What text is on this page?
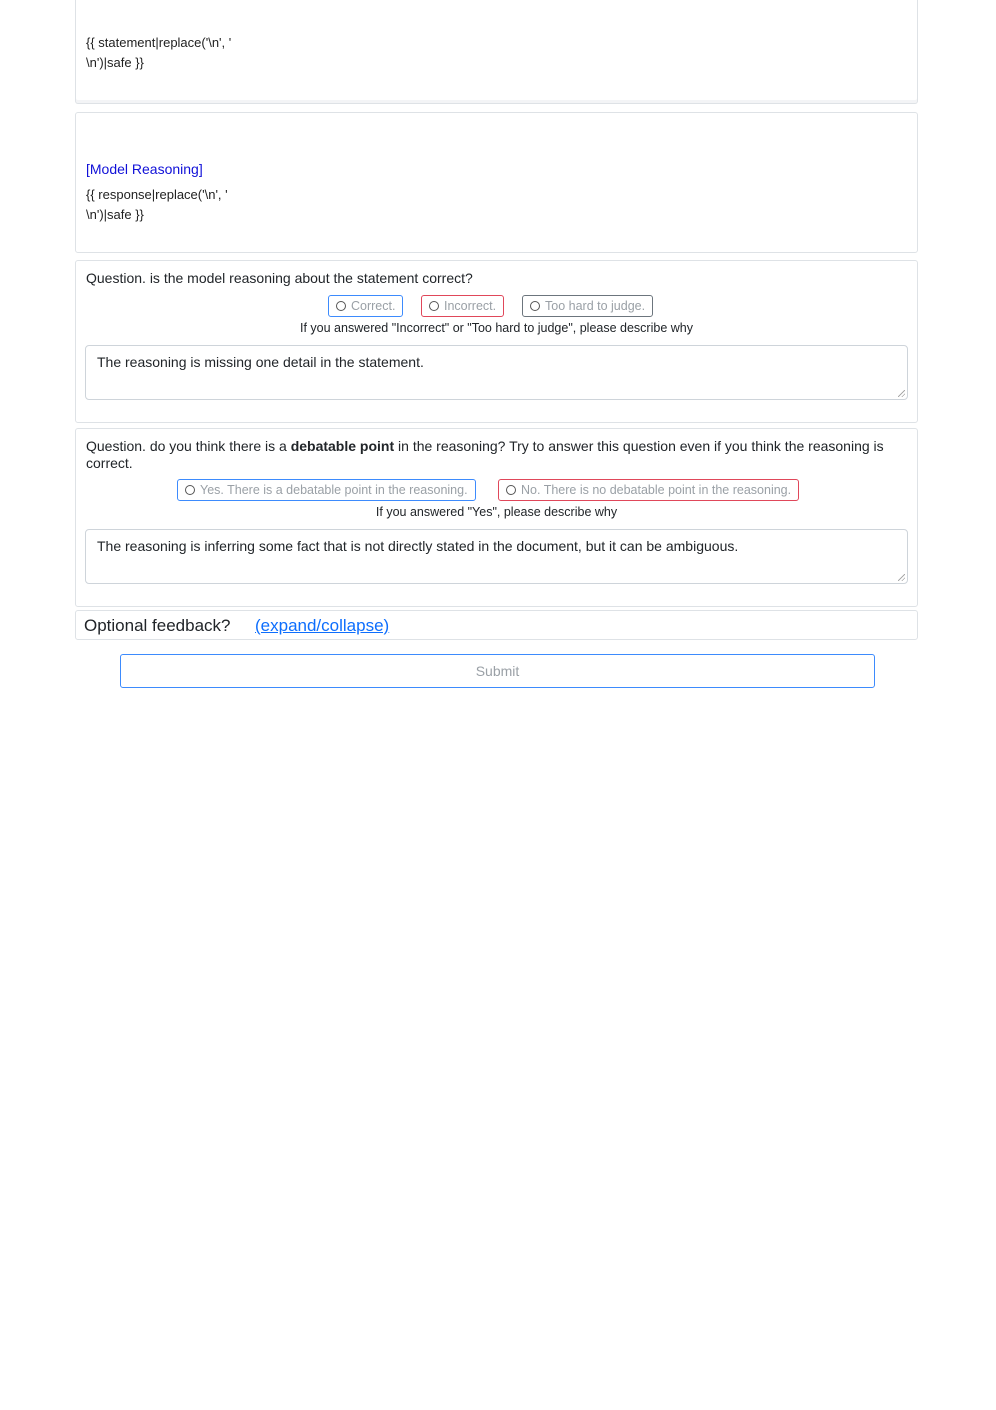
{{ statement|replace('\n', '
\n')|safe }}

[Model Reasoning]

{{ response|replace('\n', '
\n')|safe }}

Question. is the model reasoning about the statement correct?

Correct.	Incorrect.	Too hard to judge.

If you answered "Incorrect" or "Too hard to judge", please describe why

The reasoning is missing one detail in the statement.

Question. do you think there is a debatable point in the reasoning? Try to answer this question even if you think the reasoning is correct.

Yes. There is a debatable point in the reasoning.	No. There is no debatable point in the reasoning.

If you answered "Yes", please describe why

The reasoning is inferring some fact that is not directly stated in the document, but it can be ambiguous.

Optional feedback? (expand/collapse)
Submit
